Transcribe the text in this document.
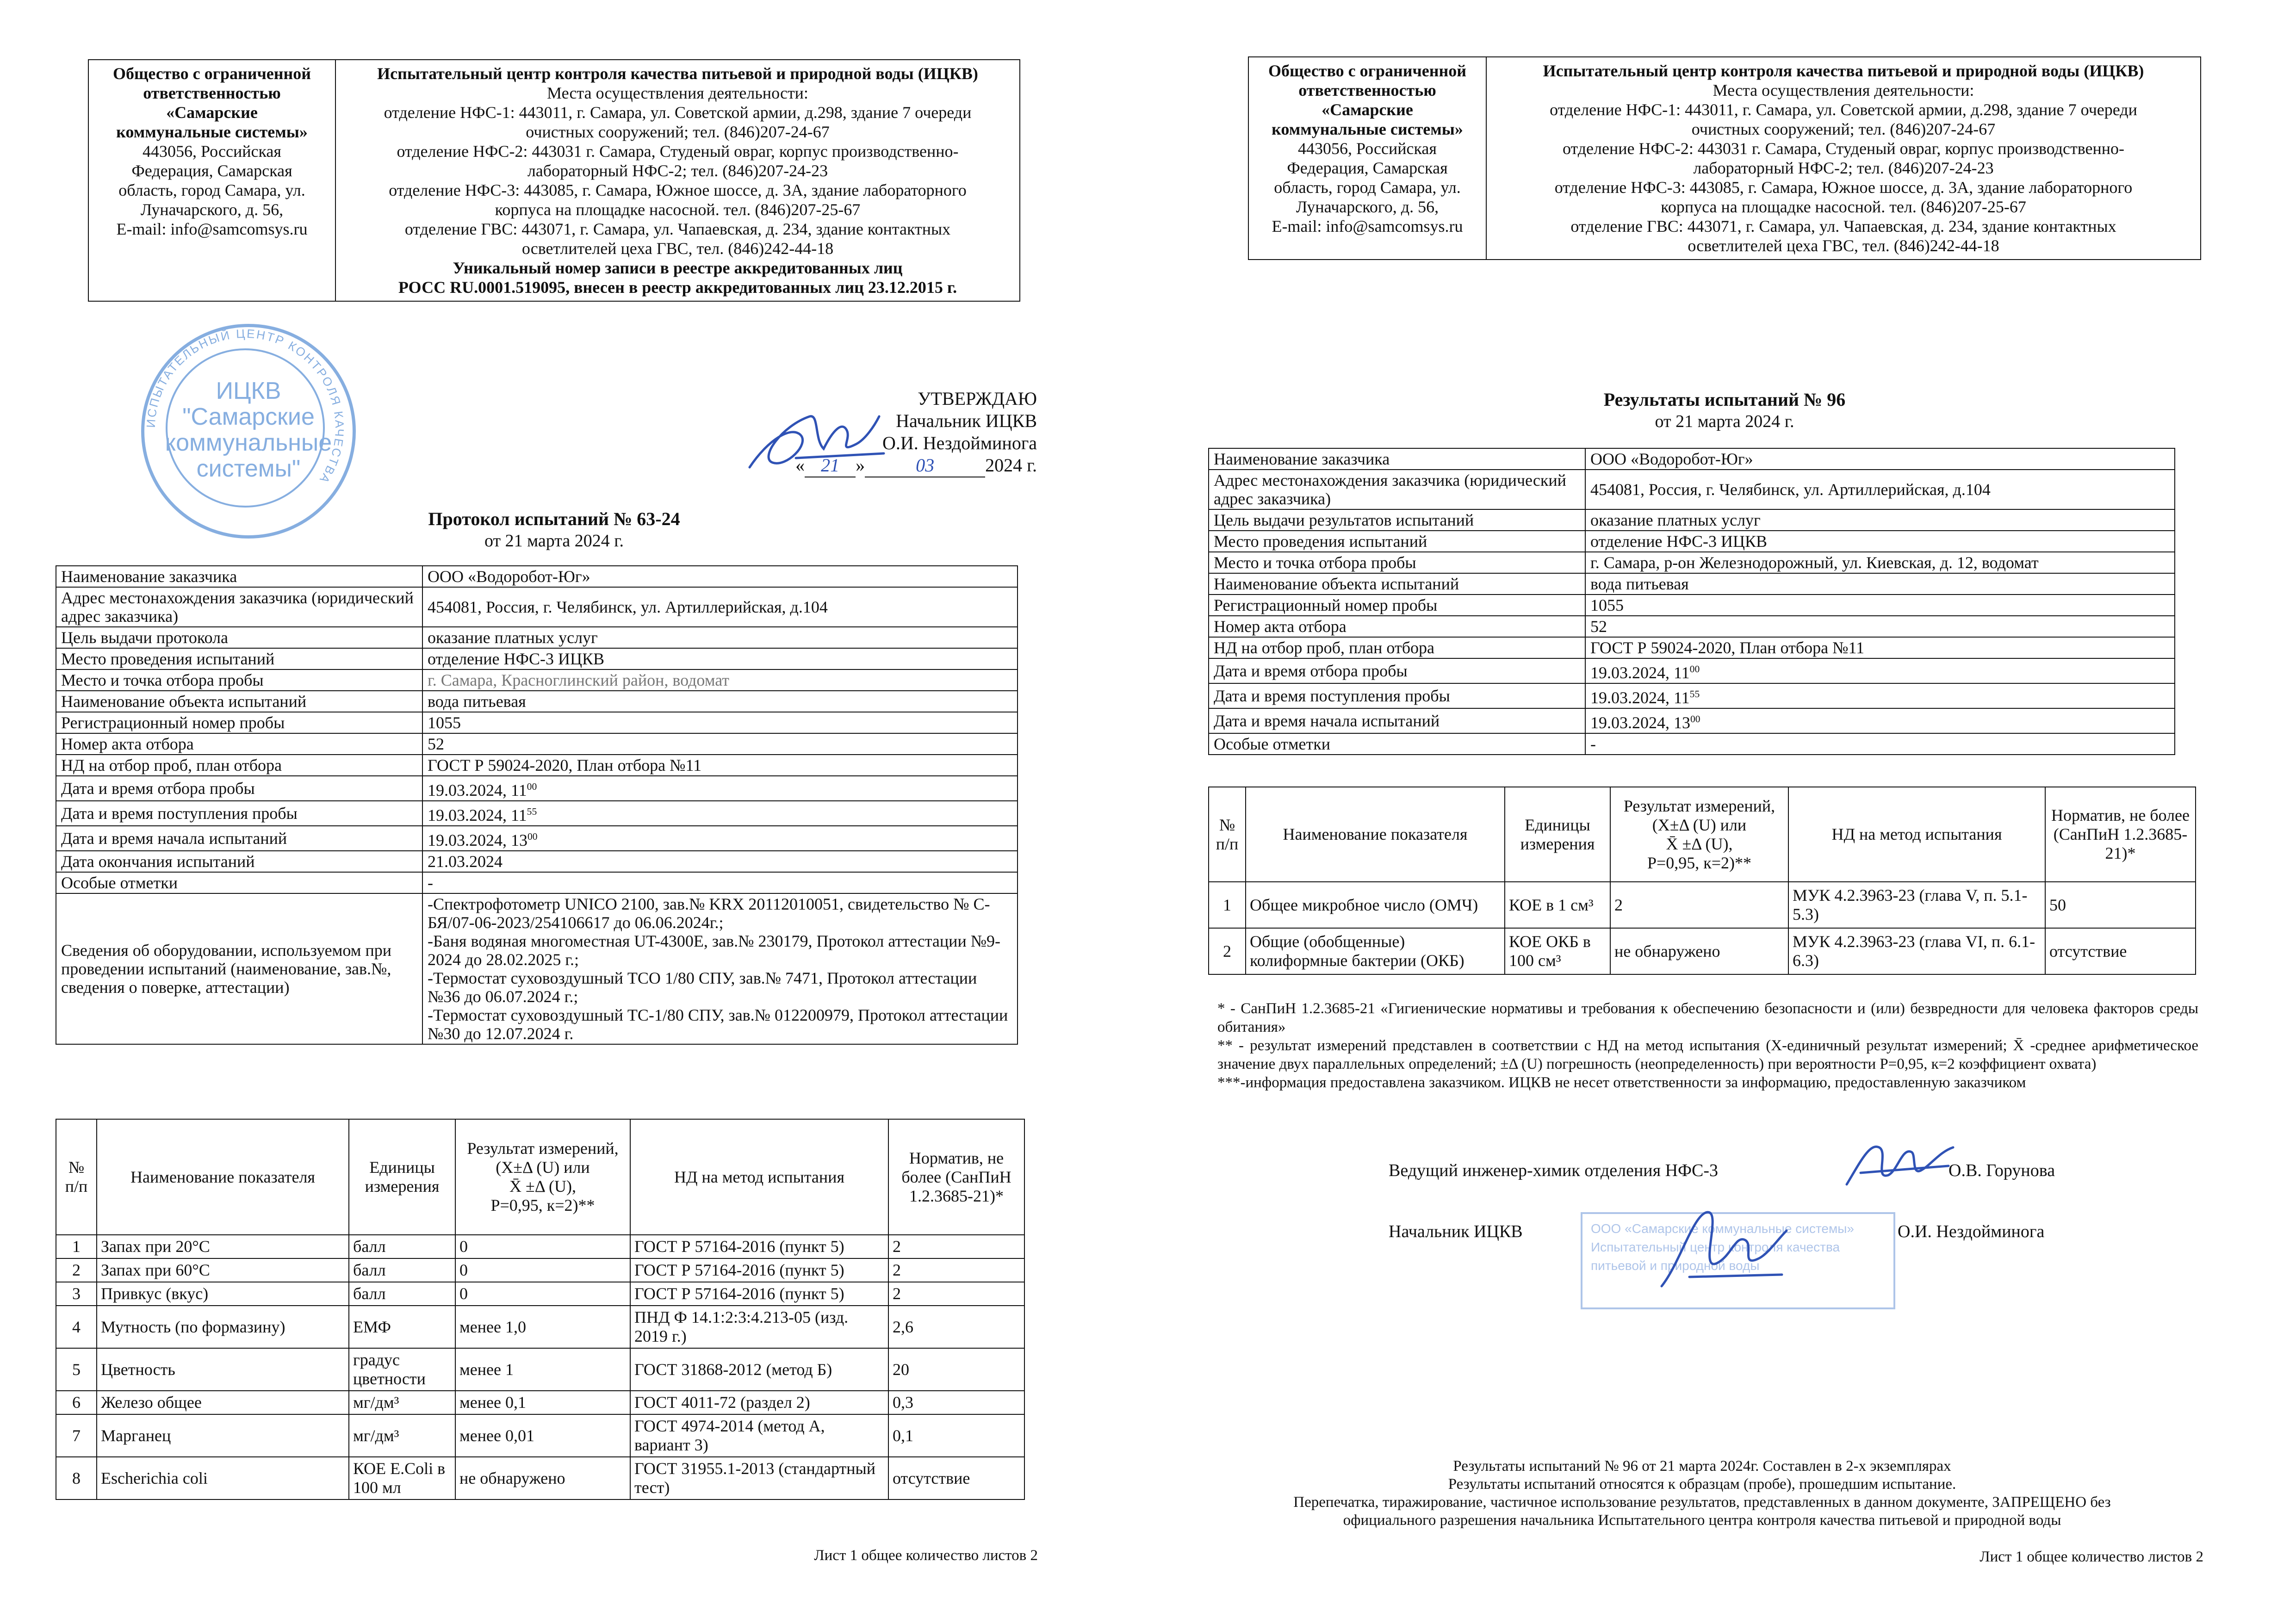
Общество с ограниченной
ответственностью
«Самарские
коммунальные системы»
443056, Российская
Федерация, Самарская
область, город Самара, ул.
Луначарского, д. 56,
E-mail: info@samcomsys.ru

Испытательный центр контроля качества питьевой и природной воды (ИЦКВ)
Места осуществления деятельности:
отделение НФС-1: 443011, г. Самара, ул. Советской армии, д.298, здание 7 очереди
очистных сооружений; тел. (846)207-24-67
отделение НФС-2: 443031 г. Самара, Студеный овраг, корпус производственно-
лабораторный НФС-2; тел. (846)207-24-23
отделение НФС-3: 443085, г. Самара, Южное шоссе, д. 3А, здание лабораторного
корпуса на площадке насосной. тел. (846)207-25-67
отделение ГВС: 443071, г. Самара, ул. Чапаевская, д. 234, здание контактных
осветлителей цеха ГВС, тел. (846)242-44-18
Уникальный номер записи в реестре аккредитованных лиц
РОСС RU.0001.519095, внесен в реестр аккредитованных лиц 23.12.2015 г.
ИСПЫТАТЕЛЬНЫЙ ЦЕНТР КОНТРОЛЯ КАЧЕСТВА
ИЦКВ
"Самарские
коммунальные
системы"
УТВЕРЖДАЮ
Начальник ИЦКВ
О.И. Нездойминога
« 21 »	03	2024 г.
Протокол испытаний № 63-24
от 21 марта 2024 г.
Наименование заказчика	ООО «Водоробот-Юг»
Адрес местонахождения заказчика (юридический адрес заказчика)	454081, Россия, г. Челябинск, ул. Артиллерийская, д.104
Цель выдачи протокола	оказание платных услуг
Место проведения испытаний	отделение НФС-3 ИЦКВ
Место и точка отбора пробы	г. Самара, Красноглинский район, водомат
Наименование объекта испытаний	вода питьевая
Регистрационный номер пробы	1055
Номер акта отбора	52
НД на отбор проб, план отбора	ГОСТ Р 59024-2020, План отбора №11
Дата и время отбора пробы	19.03.2024, $11^{00}$
Дата и время поступления пробы	19.03.2024, $11^{55}$
Дата и время начала испытаний	19.03.2024, $13^{00}$
Дата окончания испытаний	21.03.2024
Особые отметки	-
Сведения об оборудовании, используемом при проведении испытаний (наименование, зав.№, сведения о поверке, аттестации)	-Спектрофотометр UNICO 2100, зав.№ KRX 20112010051, свидетельство № С-БЯ/07-06-2023/254106617 до 06.06.2024г.;
-Баня водяная многоместная UT-4300E, зав.№ 230179, Протокол аттестации №9-2024 до 28.02.2025 г.;
-Термостат суховоздушный ТСО 1/80 СПУ, зав.№ 7471, Протокол аттестации №36 до 06.07.2024 г.;
-Термостат суховоздушный ТС-1/80 СПУ, зав.№ 012200979, Протокол аттестации №30 до 12.07.2024 г.
№ п/п	Наименование показателя	Единицы измерения	Результат измерений, (X±Δ (U) или
X̄ ±Δ (U),
P=0,95, к=2)**	НД на метод испытания	Норматив, не более (СанПиН 1.2.3685-21)*
1	Запах при 20°С	балл	0	ГОСТ Р 57164-2016 (пункт 5)	2
2	Запах при 60°С	балл	0	ГОСТ Р 57164-2016 (пункт 5)	2
3	Привкус (вкус)	балл	0	ГОСТ Р 57164-2016 (пункт 5)	2
4	Мутность (по формазину)	ЕМФ	менее 1,0	ПНД Ф 14.1:2:3:4.213-05 (изд. 2019 г.)	2,6
5	Цветность	градус цветности	менее 1	ГОСТ 31868-2012 (метод Б)	20
6	Железо общее	мг/дм³	менее 0,1	ГОСТ 4011-72 (раздел 2)	0,3
7	Марганец	мг/дм³	менее 0,01	ГОСТ 4974-2014 (метод А, вариант 3)	0,1
8	Escherichia coli	КОЕ E.Coli в 100 мл	не обнаружено	ГОСТ 31955.1-2013 (стандартный тест)	отсутствие
Лист 1 общее количество листов 2
Общество с ограниченной
ответственностью
«Самарские
коммунальные системы»
443056, Российская
Федерация, Самарская
область, город Самара, ул.
Луначарского, д. 56,
E-mail: info@samcomsys.ru

Испытательный центр контроля качества питьевой и природной воды (ИЦКВ)
Места осуществления деятельности:
отделение НФС-1: 443011, г. Самара, ул. Советской армии, д.298, здание 7 очереди
очистных сооружений; тел. (846)207-24-67
отделение НФС-2: 443031 г. Самара, Студеный овраг, корпус производственно-
лабораторный НФС-2; тел. (846)207-24-23
отделение НФС-3: 443085, г. Самара, Южное шоссе, д. 3А, здание лабораторного
корпуса на площадке насосной. тел. (846)207-25-67
отделение ГВС: 443071, г. Самара, ул. Чапаевская, д. 234, здание контактных
осветлителей цеха ГВС, тел. (846)242-44-18
Результаты испытаний № 96
от 21 марта 2024 г.
Наименование заказчика	ООО «Водоробот-Юг»
Адрес местонахождения заказчика (юридический адрес заказчика)	454081, Россия, г. Челябинск, ул. Артиллерийская, д.104
Цель выдачи результатов испытаний	оказание платных услуг
Место проведения испытаний	отделение НФС-3 ИЦКВ
Место и точка отбора пробы	г. Самара, р-он Железнодорожный, ул. Киевская, д. 12, водомат
Наименование объекта испытаний	вода питьевая
Регистрационный номер пробы	1055
Номер акта отбора	52
НД на отбор проб, план отбора	ГОСТ Р 59024-2020, План отбора №11
Дата и время отбора пробы	19.03.2024, $11^{00}$
Дата и время поступления пробы	19.03.2024, $11^{55}$
Дата и время начала испытаний	19.03.2024, $13^{00}$
Особые отметки	-
№ п/п	Наименование показателя	Единицы измерения	Результат измерений, (X±Δ (U) или
X̄ ±Δ (U),
P=0,95, к=2)**	НД на метод испытания	Норматив, не более (СанПиН 1.2.3685-21)*
1	Общее микробное число (ОМЧ)	КОЕ в 1 см³	2	МУК 4.2.3963-23 (глава V, п. 5.1-5.3)	50
2	Общие (обобщенные) колиформные бактерии (ОКБ)	КОЕ ОКБ в 100 см³	не обнаружено	МУК 4.2.3963-23 (глава VI, п. 6.1-6.3)	отсутствие
* - СанПиН 1.2.3685-21 «Гигиенические нормативы и требования к обеспечению безопасности и (или) безвредности для человека факторов среды обитания»
** - результат измерений представлен в соответствии с НД на метод испытания (X-единичный результат измерений; X̄ -среднее арифметическое значение двух параллельных определений; ±Δ (U) погрешность (неопределенность) при вероятности P=0,95, к=2 коэффициент охвата)
***-информация предоставлена заказчиком. ИЦКВ не несет ответственности за информацию, предоставленную заказчиком
Ведущий инженер-химик отделения НФС-3	О.В. Горунова
Начальник ИЦКВ	ООО «Самарские коммунальные системы»
Испытательный центр контроля качества
питьевой и природной воды
О.И. Нездойминога
Результаты испытаний № 96 от 21 марта 2024г. Составлен в 2-х экземплярах
Результаты испытаний относятся к образцам (пробе), прошедшим испытание.
Перепечатка, тиражирование, частичное использование результатов, представленных в данном документе, ЗАПРЕЩЕНО без
официального разрешения начальника Испытательного центра контроля качества питьевой и природной воды
Лист 1 общее количество листов 2
